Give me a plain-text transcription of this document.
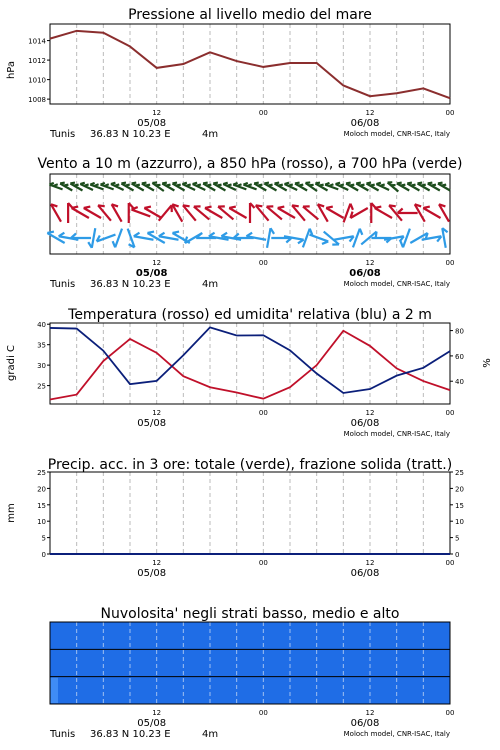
Pressione al livello medio del mare
hPa
1008
1010
1012
1014
12	00	12	00
05/08	06/08
Tunis 36.83 N 10.23 E	4m	Moloch model, CNR-ISAC, Italy
Vento a 10 m (azzurro), a 850 hPa (rosso), a 700 hPa (verde)
12	00	12	00
05/08	06/08
Tunis 36.83 N 10.23 E	4m	Moloch model, CNR-ISAC, Italy
Temperatura (rosso) ed umidita' relativa (blu) a 2 m
gradi C	%
25
30
35
40
40
60
80
12	00	12	00
05/08	06/08
Moloch model, CNR-ISAC, Italy
Precip. acc. in 3 ore: totale (verde), frazione solida (tratt.)
mm
0	0
5	5
10	10
15	15
20	20
25	25
12	00	12	00
05/08	06/08
Nuvolosita' negli strati basso, medio e alto
12	00	12	00
05/08	06/08
Tunis 36.83 N 10.23 E	4m	Moloch model, CNR-ISAC, Italy
